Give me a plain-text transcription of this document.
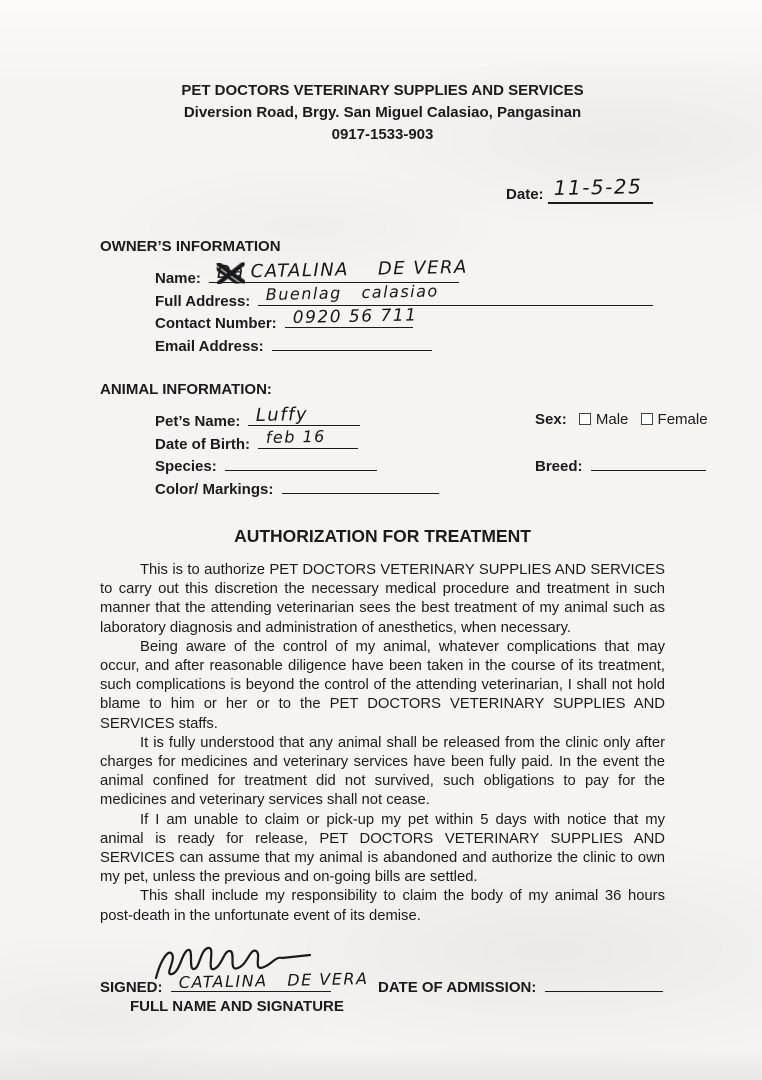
PET DOCTORS VETERINARY SUPPLIES AND SERVICES
Diversion Road, Brgy. San Miguel Calasiao, Pangasinan
0917-1533-903
Date: 11-5-25
OWNER’S INFORMATION
Name: Da CATALINA    DE VERA
Full Address: Buenlag   calasiao
Contact Number: 0920 56 711
Email Address:
ANIMAL INFORMATION:
Pet’s Name: Luffy	Sex: Male Female
Date of Birth: feb 16
Species:	Breed:
Color/ Markings:
AUTHORIZATION FOR TREATMENT

This is to authorize PET DOCTORS VETERINARY SUPPLIES AND SERVICES to carry out this discretion the necessary medical procedure and treatment in such manner that the attending veterinarian sees the best treatment of my animal such as laboratory diagnosis and administration of anesthetics, when necessary.

Being aware of the control of my animal, whatever complications that may occur, and after reasonable diligence have been taken in the course of its treatment, such complications is beyond the control of the attending veterinarian, I shall not hold blame to him or her or to the PET DOCTORS VETERINARY SUPPLIES AND SERVICES staffs.

It is fully understood that any animal shall be released from the clinic only after charges for medicines and veterinary services have been fully paid. In the event the animal confined for treatment did not survived, such obligations to pay for the medicines and veterinary services shall not cease.

If I am unable to claim or pick-up my pet within 5 days with notice that my animal is ready for release, PET DOCTORS VETERINARY SUPPLIES AND SERVICES can assume that my animal is abandoned and authorize the clinic to own my pet, unless the previous and on-going bills are settled.

This shall include my responsibility to claim the body of my animal 36 hours post-death in the unfortunate event of its demise.

SIGNED: CATALINA   DE VERA
FULL NAME AND SIGNATURE
DATE OF ADMISSION:
